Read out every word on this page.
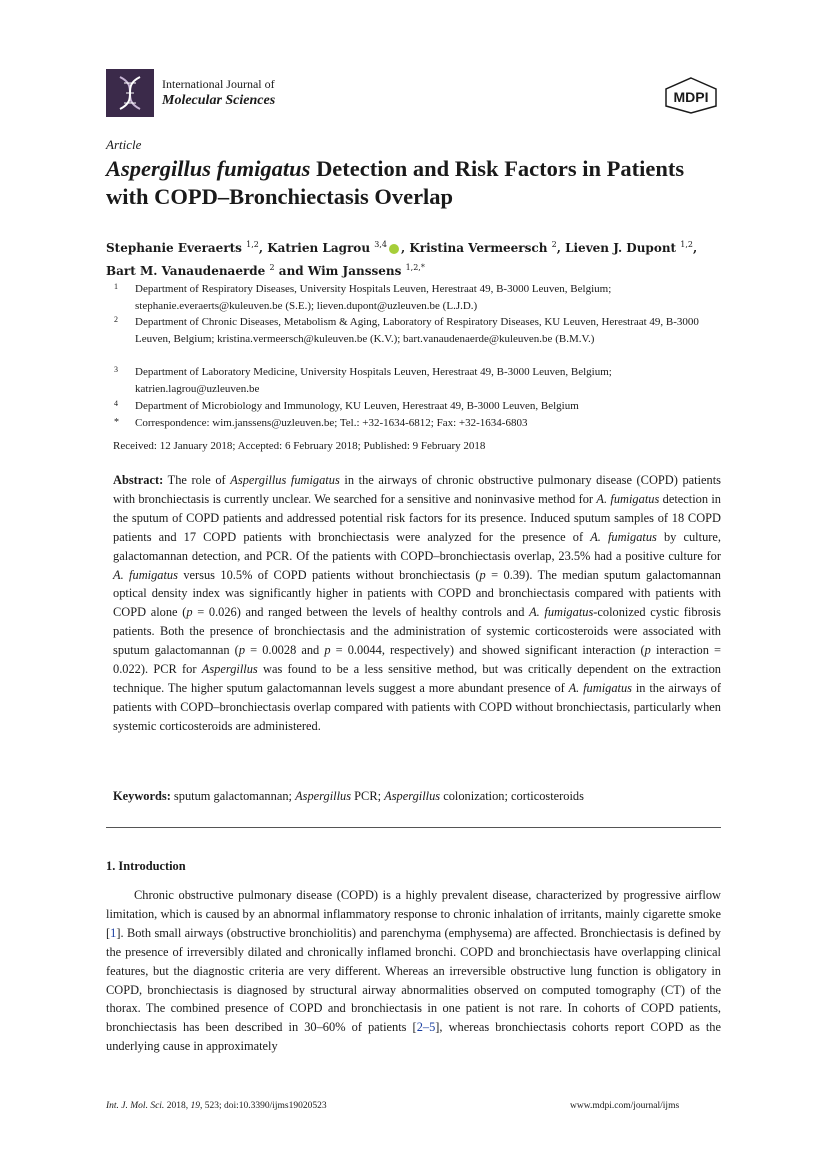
International Journal of
Molecular Sciences	MDPI
Article
Aspergillus fumigatus Detection and Risk Factors in Patients with COPD–Bronchiectasis Overlap
Stephanie Everaerts $^{1,2}$, Katrien Lagrou $^{3,4}$ , Kristina Vermeersch $^2$, Lieven J. Dupont $^{1,2}$,
Bart M. Vanaudenaerde $^2$ and Wim Janssens $^{1,2,*}$
1 Department of Respiratory Diseases, University Hospitals Leuven, Herestraat 49, B-3000 Leuven, Belgium; stephanie.everaerts@kuleuven.be (S.E.); lieven.dupont@uzleuven.be (L.J.D.)
2 Department of Chronic Diseases, Metabolism & Aging, Laboratory of Respiratory Diseases, KU Leuven, Herestraat 49, B-3000 Leuven, Belgium; kristina.vermeersch@kuleuven.be (K.V.); bart.vanaudenaerde@kuleuven.be (B.M.V.)
3 Department of Laboratory Medicine, University Hospitals Leuven, Herestraat 49, B-3000 Leuven, Belgium; katrien.lagrou@uzleuven.be
4 Department of Microbiology and Immunology, KU Leuven, Herestraat 49, B-3000 Leuven, Belgium
* Correspondence: wim.janssens@uzleuven.be; Tel.: +32-1634-6812; Fax: +32-1634-6803
Received: 12 January 2018; Accepted: 6 February 2018; Published: 9 February 2018
Abstract: The role of Aspergillus fumigatus in the airways of chronic obstructive pulmonary disease (COPD) patients with bronchiectasis is currently unclear. We searched for a sensitive and noninvasive method for A. fumigatus detection in the sputum of COPD patients and addressed potential risk factors for its presence. Induced sputum samples of 18 COPD patients and 17 COPD patients with bronchiectasis were analyzed for the presence of A. fumigatus by culture, galactomannan detection, and PCR. Of the patients with COPD–bronchiectasis overlap, 23.5% had a positive culture for A. fumigatus versus 10.5% of COPD patients without bronchiectasis (p = 0.39). The median sputum galactomannan optical density index was significantly higher in patients with COPD and bronchiectasis compared with patients with COPD alone (p = 0.026) and ranged between the levels of healthy controls and A. fumigatus-colonized cystic fibrosis patients. Both the presence of bronchiectasis and the administration of systemic corticosteroids were associated with sputum galactomannan (p = 0.0028 and p = 0.0044, respectively) and showed significant interaction (p interaction = 0.022). PCR for Aspergillus was found to be a less sensitive method, but was critically dependent on the extraction technique. The higher sputum galactomannan levels suggest a more abundant presence of A. fumigatus in the airways of patients with COPD–bronchiectasis overlap compared with patients with COPD without bronchiectasis, particularly when systemic corticosteroids are administered.
Keywords: sputum galactomannan; Aspergillus PCR; Aspergillus colonization; corticosteroids
1. Introduction
Chronic obstructive pulmonary disease (COPD) is a highly prevalent disease, characterized by progressive airflow limitation, which is caused by an abnormal inflammatory response to chronic inhalation of irritants, mainly cigarette smoke [1]. Both small airways (obstructive bronchiolitis) and parenchyma (emphysema) are affected. Bronchiectasis is defined by the presence of irreversibly dilated and chronically inflamed bronchi. COPD and bronchiectasis have overlapping clinical features, but the diagnostic criteria are very different. Whereas an irreversible obstructive lung function is obligatory in COPD, bronchiectasis is diagnosed by structural airway abnormalities observed on computed tomography (CT) of the thorax. The combined presence of COPD and bronchiectasis in one patient is not rare. In cohorts of COPD patients, bronchiectasis has been described in 30–60% of patients [2–5], whereas bronchiectasis cohorts report COPD as the underlying cause in approximately
Int. J. Mol. Sci. 2018, 19, 523; doi:10.3390/ijms19020523	www.mdpi.com/journal/ijms
